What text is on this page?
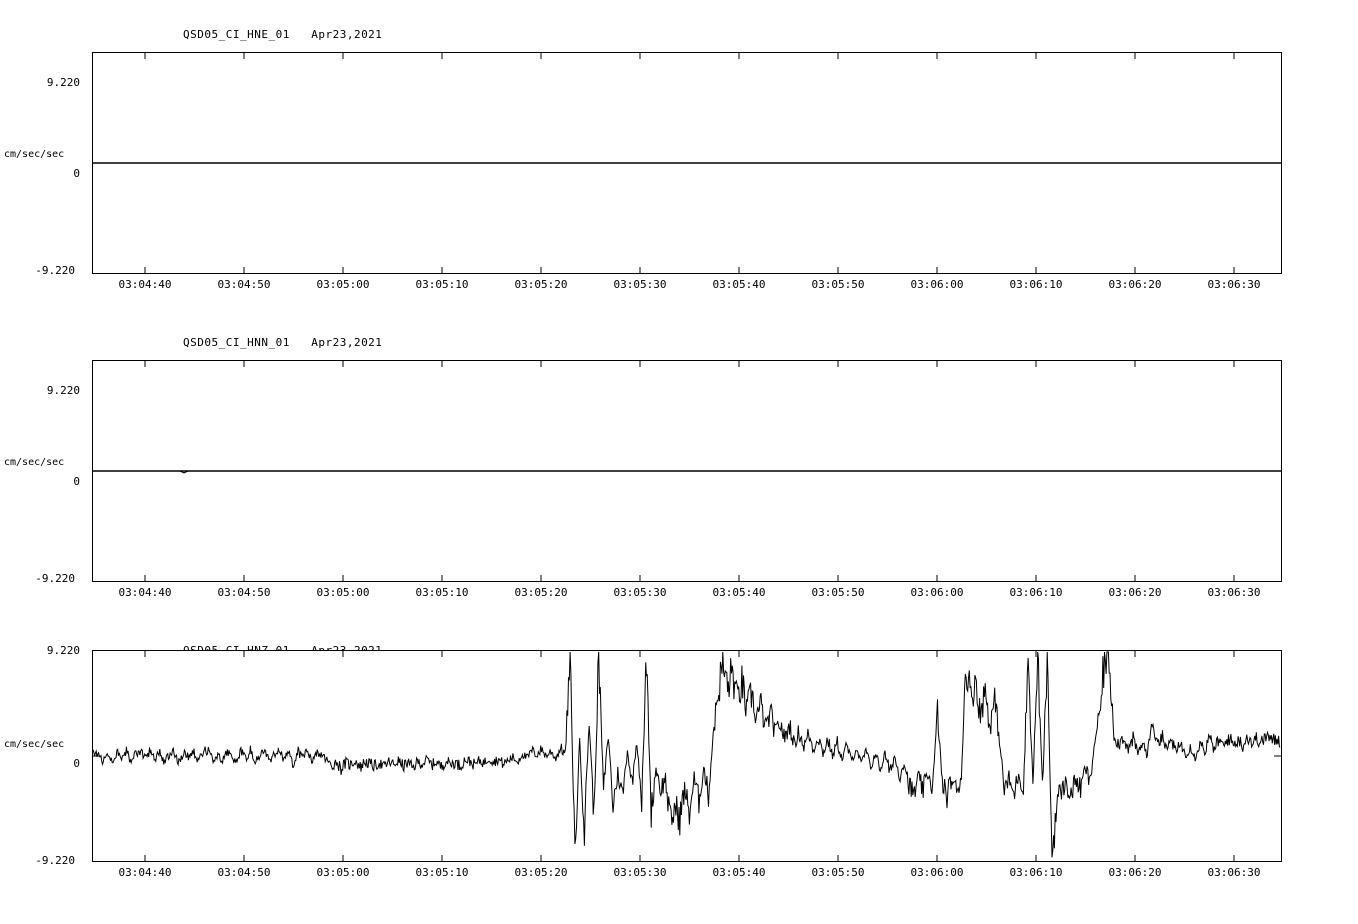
QSD05_CI_HNE_01   Apr23,2021
9.220
cm/sec/sec
0
-9.220
03:04:40	03:04:50	03:05:00	03:05:10	03:05:20	03:05:30	03:05:40	03:05:50	03:06:00	03:06:10	03:06:20	03:06:30
QSD05_CI_HNN_01   Apr23,2021
9.220
cm/sec/sec
0
-9.220
03:04:40	03:04:50	03:05:00	03:05:10	03:05:20	03:05:30	03:05:40	03:05:50	03:06:00	03:06:10	03:06:20	03:06:30
9.220
cm/sec/sec
0
-9.220
03:04:40	03:04:50	03:05:00	03:05:10	03:05:20	03:05:30	03:05:40	03:05:50	03:06:00	03:06:10	03:06:20	03:06:30
